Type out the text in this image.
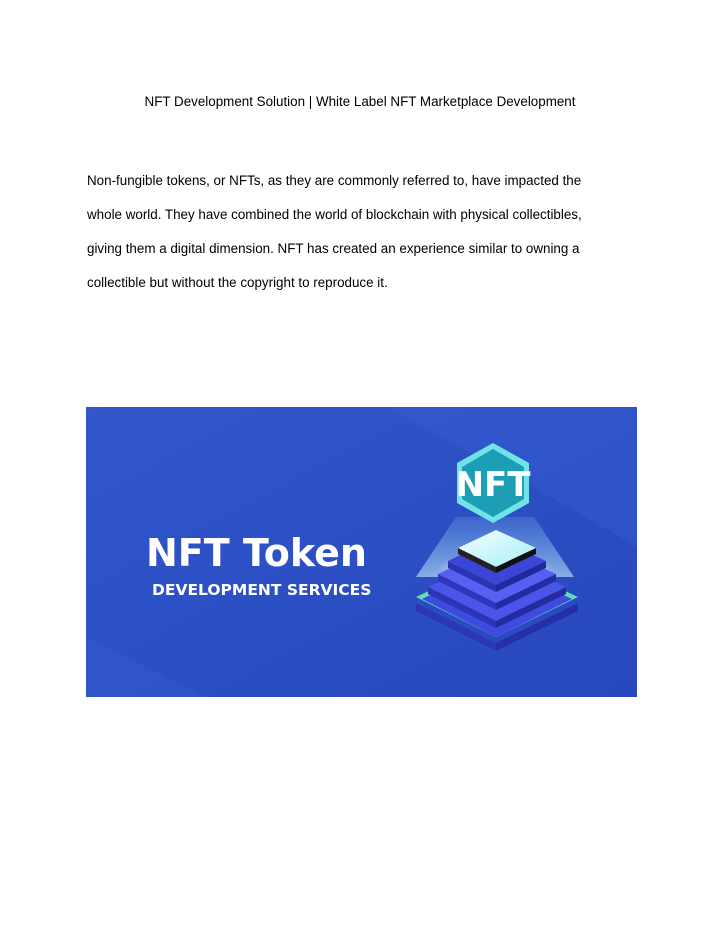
NFT Development Solution | White Label NFT Marketplace Development
Non-fungible tokens, or NFTs, as they are commonly referred to, have impacted the
whole world. They have combined the world of blockchain with physical collectibles,
giving them a digital dimension. NFT has created an experience similar to owning a
collectible but without the copyright to reproduce it.
NFT Token
DEVELOPMENT SERVICES
NFT
